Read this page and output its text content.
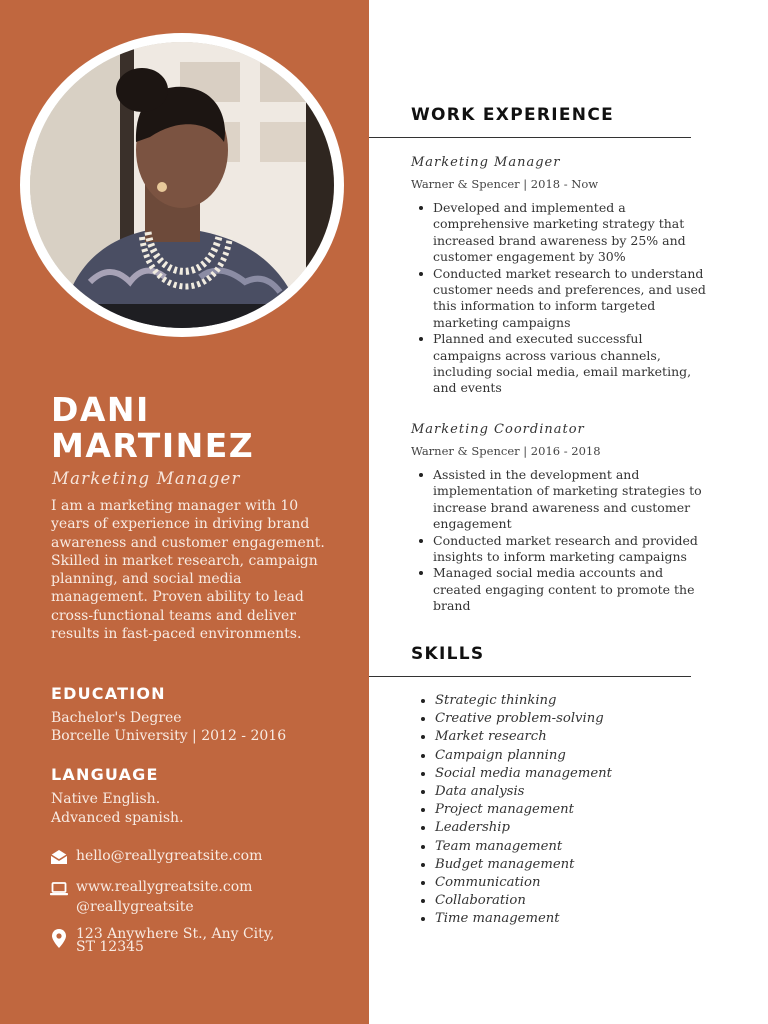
DANI
MARTINEZ
Marketing Manager

I am a marketing manager with 10 years of experience in driving brand awareness and customer engagement. Skilled in market research, campaign planning, and social media management. Proven ability to lead cross-functional teams and deliver results in fast-paced environments.

EDUCATION
Bachelor's Degree
Borcelle University | 2012 - 2016
LANGUAGE
Native English.
Advanced spanish.
hello@reallygreatsite.com
www.reallygreatsite.com
@reallygreatsite
123 Anywhere St., Any City,
ST 12345
WORK EXPERIENCE
Marketing Manager
Warner & Spencer | 2018 - Now
Developed and implemented a comprehensive marketing strategy that increased brand awareness by 25% and customer engagement by 30%
Conducted market research to understand customer needs and preferences, and used this information to inform targeted marketing campaigns
Planned and executed successful campaigns across various channels, including social media, email marketing, and events
Marketing Coordinator
Warner & Spencer | 2016 - 2018
Assisted in the development and implementation of marketing strategies to increase brand awareness and customer engagement
Conducted market research and provided insights to inform marketing campaigns
Managed social media accounts and created engaging content to promote the brand
SKILLS
Strategic thinking
Creative problem-solving
Market research
Campaign planning
Social media management
Data analysis
Project management
Leadership
Team management
Budget management
Communication
Collaboration
Time management
